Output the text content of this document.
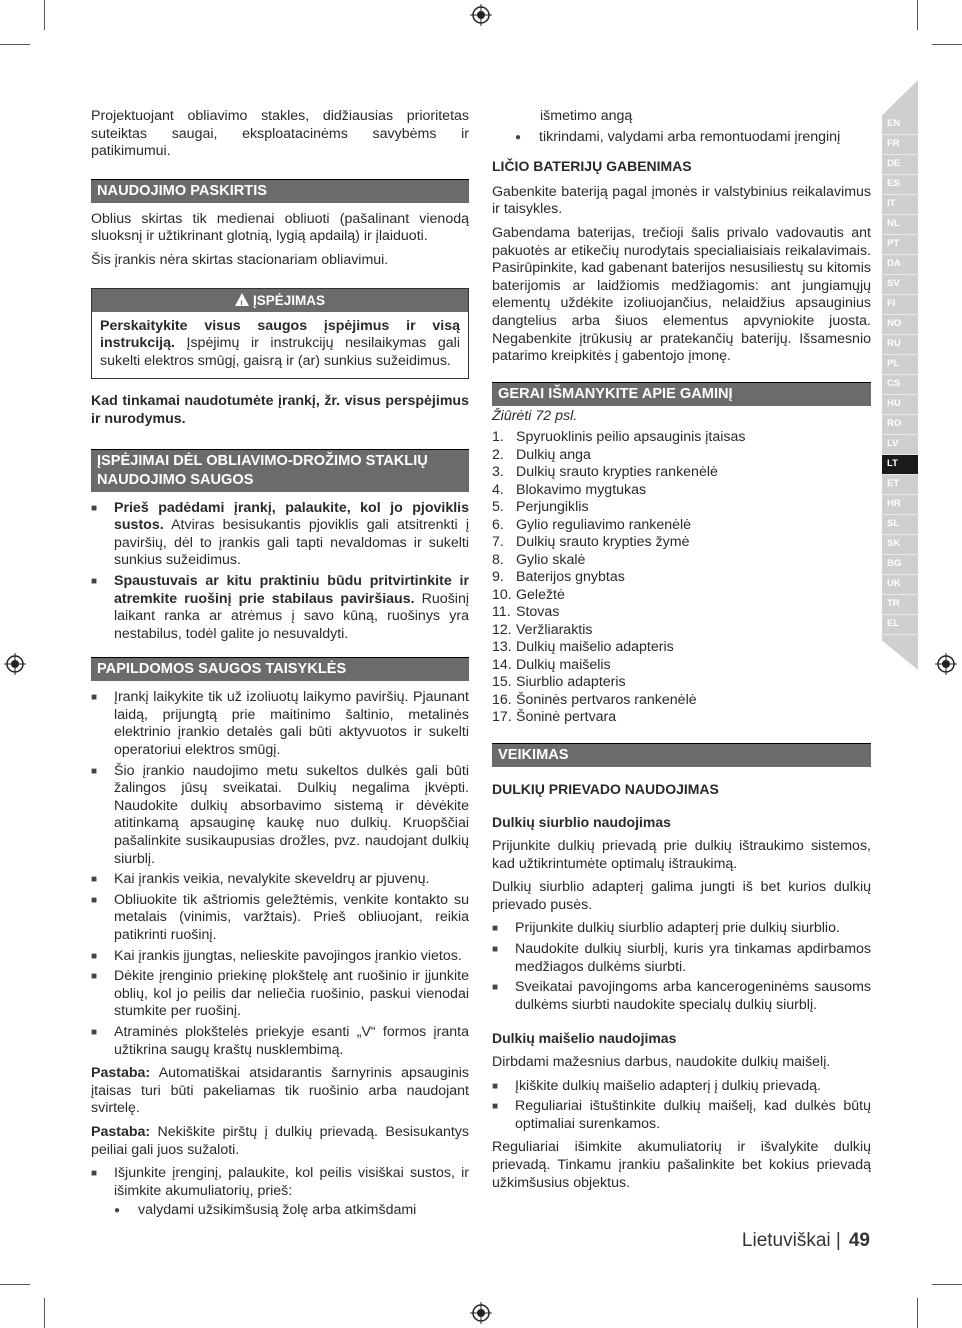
Projektuojant obliavimo stakles, didžiausias prioritetas suteiktas saugai, eksploatacinėms savybėms ir patikimumui.

NAUDOJIMO PASKIRTIS

Oblius skirtas tik medienai obliuoti (pašalinant vienodą sluoksnį ir užtikrinant glotnią, lygią apdailą) ir įlaiduoti.

Šis įrankis nėra skirtas stacionariam obliavimui.

! ĮSPĖJIMAS
Perskaitykite visus saugos įspėjimus ir visą instrukciją. Įspėjimų ir instrukcijų nesilaikymas gali sukelti elektros smūgį, gaisrą ir (ar) sunkius sužeidimus.

Kad tinkamai naudotumėte įrankį, žr. visus perspėjimus ir nurodymus.

ĮSPĖJIMAI DĖL OBLIAVIMO-DROŽIMO STAKLIŲ NAUDOJIMO SAUGOS
■ Prieš padėdami įrankį, palaukite, kol jo pjoviklis sustos. Atviras besisukantis pjoviklis gali atsitrenkti į paviršių, dėl to įrankis gali tapti nevaldomas ir sukelti sunkius sužeidimus.
■ Spaustuvais ar kitu praktiniu būdu pritvirtinkite ir atremkite ruošinį prie stabilaus paviršiaus. Ruošinį laikant ranka ar atrėmus į savo kūną, ruošinys yra nestabilus, todėl galite jo nesuvaldyti.
PAPILDOMOS SAUGOS TAISYKLĖS
■ Įrankį laikykite tik už izoliuotų laikymo paviršių. Pjaunant laidą, prijungtą prie maitinimo šaltinio, metalinės elektrinio įrankio detalės gali būti aktyvuotos ir sukelti operatoriui elektros smūgį.
■ Šio įrankio naudojimo metu sukeltos dulkės gali būti žalingos jūsų sveikatai. Dulkių negalima įkvėpti. Naudokite dulkių absorbavimo sistemą ir dėvėkite atitinkamą apsauginę kaukę nuo dulkių. Kruopščiai pašalinkite susikaupusias drožles, pvz. naudojant dulkių siurblį.
■ Kai įrankis veikia, nevalykite skeveldrų ar pjuvenų.
■ Obliuokite tik aštriomis geležtėmis, venkite kontakto su metalais (vinimis, varžtais). Prieš obliuojant, reikia patikrinti ruošinį.
■ Kai įrankis įjungtas, nelieskite pavojingos įrankio vietos.
■ Dėkite įrenginio priekinę plokštelę ant ruošinio ir įjunkite oblių, kol jo peilis dar neliečia ruošinio, paskui vienodai stumkite per ruošinį.
■ Atraminės plokštelės priekyje esanti „V“ formos įranta užtikrina saugų kraštų nusklembimą.

Pastaba: Automatiškai atsidarantis šarnyrinis apsauginis įtaisas turi būti pakeliamas tik ruošinio arba naudojant svirtelę.

Pastaba: Nekiškite pirštų į dulkių prievadą. Besisukantys peiliai gali juos sužaloti.

■ Išjunkite įrenginį, palaukite, kol peilis visiškai sustos, ir išimkite akumuliatorių, prieš:
● valydami užsikimšusią žolę arba atkimšdami

išmetimo angą

● tikrindami, valydami arba remontuodami įrenginį
LIČIO BATERIJŲ GABENIMAS

Gabenkite bateriją pagal įmonės ir valstybinius reikalavimus ir taisykles.

Gabendama baterijas, trečioji šalis privalo vadovautis ant pakuotės ar etikečių nurodytais specialiaisiais reikalavimais. Pasirūpinkite, kad gabenant baterijos nesusiliestų su kitomis baterijomis ar laidžiomis medžiagomis: ant jungiamųjų elementų uždėkite izoliuojančius, nelaidžius apsauginius dangtelius arba šiuos elementus apvyniokite juosta. Negabenkite įtrūkusių ar pratekančių baterijų. Išsamesnio patarimo kreipkitės į gabentojo įmonę.

GERAI IŠMANYKITE APIE GAMINĮ

Žiūrėti 72 psl.

1. Spyruoklinis peilio apsauginis įtaisas
2. Dulkių anga
3. Dulkių srauto krypties rankenėlė
4. Blokavimo mygtukas
5. Perjungiklis
6. Gylio reguliavimo rankenėlė
7. Dulkių srauto krypties žymė
8. Gylio skalė
9. Baterijos gnybtas
10. Geležtė
11. Stovas
12. Veržliaraktis
13. Dulkių maišelio adapteris
14. Dulkių maišelis
15. Siurblio adapteris
16. Šoninės pertvaros rankenėlė
17. Šoninė pertvara
VEIKIMAS
DULKIŲ PRIEVADO NAUDOJIMAS
Dulkių siurblio naudojimas

Prijunkite dulkių prievadą prie dulkių ištraukimo sistemos, kad užtikrintumėte optimalų ištraukimą.

Dulkių siurblio adapterį galima jungti iš bet kurios dulkių prievado pusės.

■ Prijunkite dulkių siurblio adapterį prie dulkių siurblio.
■ Naudokite dulkių siurblį, kuris yra tinkamas apdirbamos medžiagos dulkėms siurbti.
■ Sveikatai pavojingoms arba kancerogeninėms sausoms dulkėms siurbti naudokite specialų dulkių siurblį.
Dulkių maišelio naudojimas

Dirbdami mažesnius darbus, naudokite dulkių maišelį.

■ Įkiškite dulkių maišelio adapterį į dulkių prievadą.
■ Reguliariai ištuštinkite dulkių maišelį, kad dulkės būtų optimaliai surenkamos.

Reguliariai išimkite akumuliatorių ir išvalykite dulkių prievadą. Tinkamu įrankiu pašalinkite bet kokius prievadą užkimšusius objektus.

EN
FR
DE
ES
IT
NL
PT
DA
SV
FI
NO
RU
PL
CS
HU
RO
LV
LT
ET
HR
SL
SK
BG
UK
TR
EL
Lietuviškai | 49
